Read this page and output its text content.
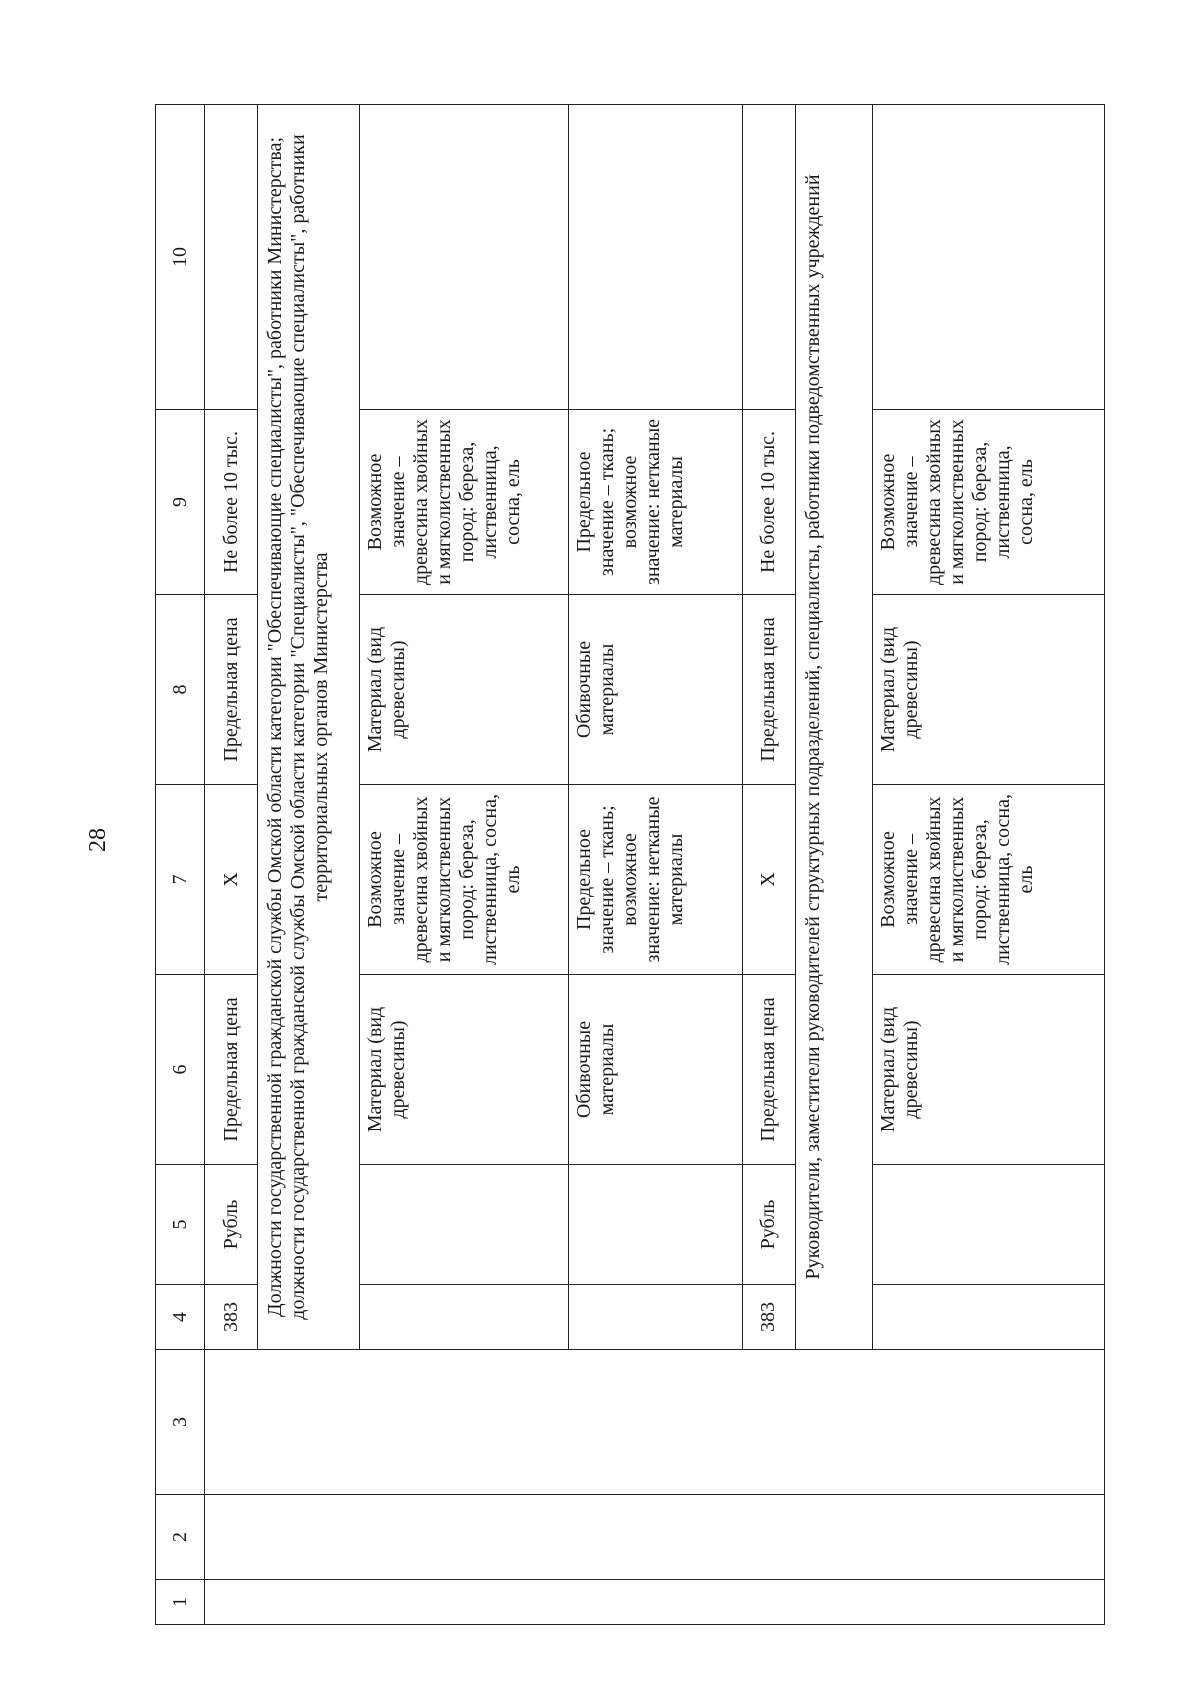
28
1	2	3	4	5	6	7	8	9	10
			383	Рубль	Предельная цена	Х	Предельная цена	Не более 10 тыс.	
			Должности государственной гражданской службы Омской области категории "Обеспечивающие специалисты", работники Министерства; должности государственной гражданской службы Омской области категории "Специалисты", "Обеспечивающие специалисты", работники территориальных органов Министерства						
					Материал (вид древесины)	Возможное значение – древесина хвойных и мягколиственных пород: береза, лиственница, сосна, ель	Материал (вид древесины)	Возможное значение – древесина хвойных и мягколиственных пород: береза, лиственница, сосна, ель	
					Обивочные материалы	Предельное значение – ткань; возможное значение: нетканые материалы	Обивочные материалы	Предельное значение – ткань; возможное значение: нетканые материалы	
			383	Рубль	Предельная цена	Х	Предельная цена	Не более 10 тыс.	
			Руководители, заместители руководителей структурных подразделений, специалисты, работники подведомственных учреждений						
					Материал (вид древесины)	Возможное значение – древесина хвойных и мягколиственных пород: береза, лиственница, сосна, ель	Материал (вид древесины)	Возможное значение – древесина хвойных и мягколиственных пород: береза, лиственница, сосна, ель	
